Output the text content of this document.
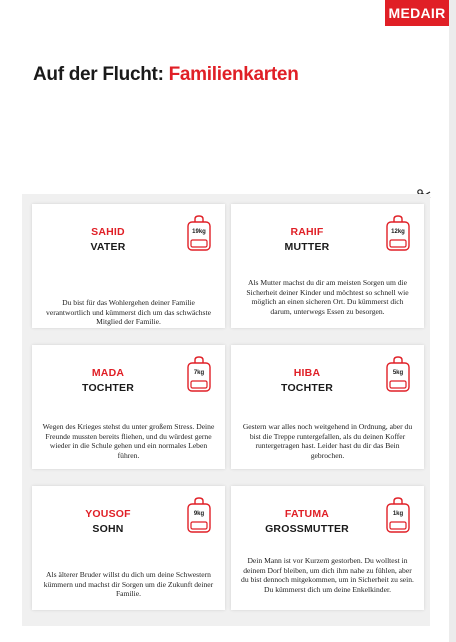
MEDAIR
Auf der Flucht: Familienkarten
SAHID
VATER
19kg
Du bist für das Wohlergehen deiner Familie verantwortlich und kümmerst dich um das schwächste Mitglied der Familie.
RAHIF
MUTTER
12kg
Als Mutter machst du dir am meisten Sorgen um die Sicherheit deiner Kinder und möchtest so schnell wie möglich an einen sicheren Ort. Du kümmerst dich darum, unterwegs Essen zu besorgen.
MADA
TOCHTER
7kg
Wegen des Krieges stehst du unter großem Stress. Deine Freunde mussten bereits fliehen, und du würdest gerne wieder in die Schule gehen und ein normales Leben führen.
HIBA
TOCHTER
5kg
Gestern war alles noch weitgehend in Ordnung, aber du bist die Treppe runtergefallen, als du deinen Koffer runtergetragen hast. Leider hast du dir das Bein gebrochen.
YOUSOF
SOHN
9kg
Als älterer Bruder willst du dich um deine Schwestern kümmern und machst dir Sorgen um die Zukunft deiner Familie.
FATUMA
GROSSMUTTER
1kg
Dein Mann ist vor Kurzem gestorben. Du wolltest in deinem Dorf bleiben, um dich ihm nahe zu fühlen, aber du bist dennoch mitgekommen, um in Sicherheit zu sein. Du kümmerst dich um deine Enkelkinder.
